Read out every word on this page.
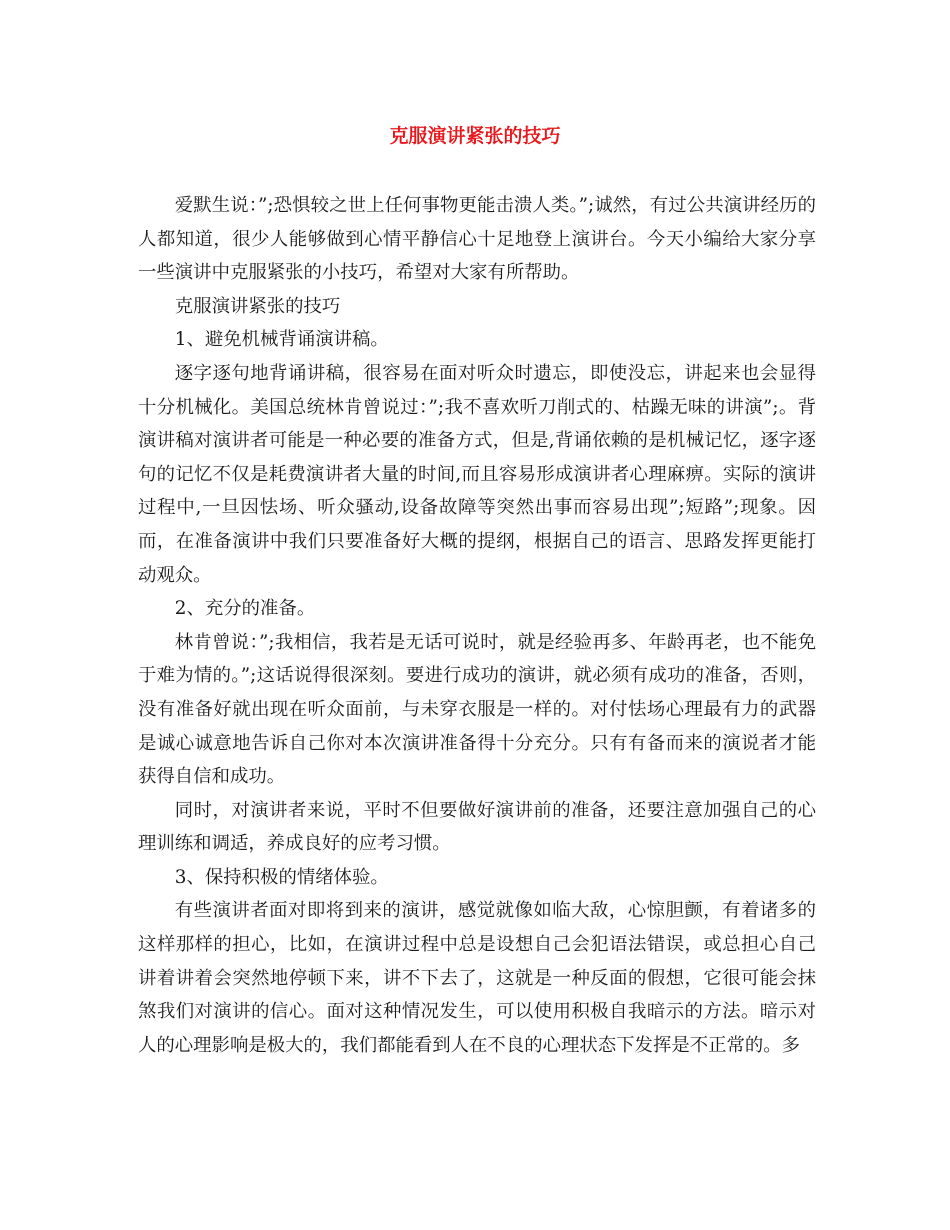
克服演讲紧张的技巧

爱默生说：”;恐惧较之世上任何事物更能击溃人类。”;诚然，有过公共演讲经历的人都知道，很少人能够做到心情平静信心十足地登上演讲台。今天小编给大家分享一些演讲中克服紧张的小技巧，希望对大家有所帮助。

克服演讲紧张的技巧

1、避免机械背诵演讲稿。

逐字逐句地背诵讲稿，很容易在面对听众时遗忘，即使没忘，讲起来也会显得十分机械化。美国总统林肯曾说过：”;我不喜欢听刀削式的、枯躁无味的讲演”;。背演讲稿对演讲者可能是一种必要的准备方式，但是,背诵依赖的是机械记忆，逐字逐句的记忆不仅是耗费演讲者大量的时间,而且容易形成演讲者心理麻痹。实际的演讲过程中,一旦因怯场、听众骚动,设备故障等突然出事而容易出现”;短路”;现象。因而，在准备演讲中我们只要准备好大概的提纲，根据自己的语言、思路发挥更能打动观众。

2、充分的准备。

林肯曾说：”;我相信，我若是无话可说时，就是经验再多、年龄再老，也不能免于难为情的。”;这话说得很深刻。要进行成功的演讲，就必须有成功的准备，否则，没有准备好就出现在听众面前，与未穿衣服是一样的。对付怯场心理最有力的武器是诚心诚意地告诉自己你对本次演讲准备得十分充分。只有有备而来的演说者才能获得自信和成功。

同时，对演讲者来说，平时不但要做好演讲前的准备，还要注意加强自己的心理训练和调适，养成良好的应考习惯。

3、保持积极的情绪体验。

有些演讲者面对即将到来的演讲，感觉就像如临大敌，心惊胆颤，有着诸多的这样那样的担心，比如，在演讲过程中总是设想自己会犯语法错误，或总担心自己讲着讲着会突然地停顿下来，讲不下去了，这就是一种反面的假想，它很可能会抹煞我们对演讲的信心。面对这种情况发生，可以使用积极自我暗示的方法。暗示对人的心理影响是极大的，我们都能看到人在不良的心理状态下发挥是不正常的。多
